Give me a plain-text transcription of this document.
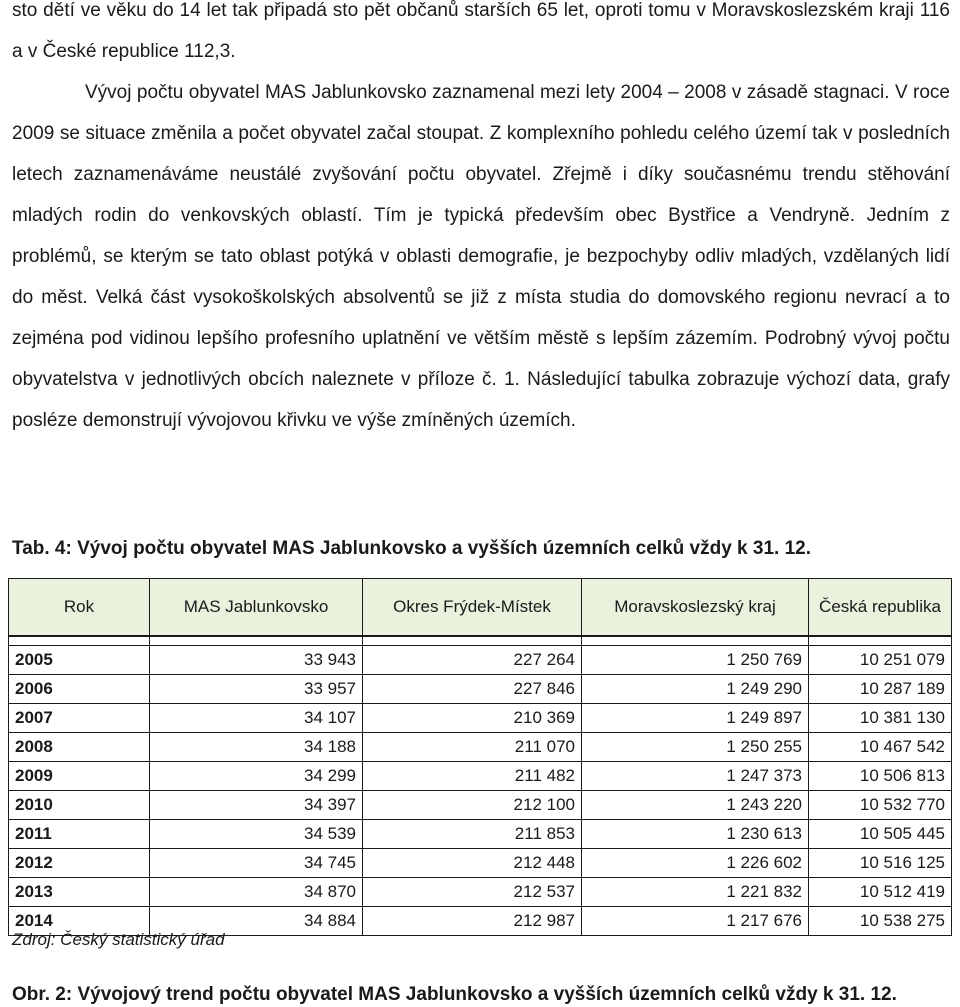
sto dětí ve věku do 14 let tak připadá sto pět občanů starších 65 let, oproti tomu v Moravskoslezském kraji 116 a v České republice 112,3.

Vývoj počtu obyvatel MAS Jablunkovsko zaznamenal mezi lety 2004 – 2008 v zásadě stagnaci. V roce 2009 se situace změnila a počet obyvatel začal stoupat. Z komplexního pohledu celého území tak v posledních letech zaznamenáváme neustálé zvyšování počtu obyvatel. Zřejmě i díky současnému trendu stěhování mladých rodin do venkovských oblastí. Tím je typická především obec Bystřice a Vendryně. Jedním z problémů, se kterým se tato oblast potýká v oblasti demografie, je bezpochyby odliv mladých, vzdělaných lidí do měst. Velká část vysokoškolských absolventů se již z místa studia do domovského regionu nevrací a to zejména pod vidinou lepšího profesního uplatnění ve větším městě s lepším zázemím. Podrobný vývoj počtu obyvatelstva v jednotlivých obcích naleznete v příloze č. 1. Následující tabulka zobrazuje výchozí data, grafy posléze demonstrují vývojovou křivku ve výše zmíněných územích.

Tab. 4: Vývoj počtu obyvatel MAS Jablunkovsko a vyšších územních celků vždy k 31. 12.

Rok	MAS Jablunkovsko	Okres Frýdek-Místek	Moravskoslezský kraj	Česká republika

2005	33 943	227 264	1 250 769	10 251 079
2006	33 957	227 846	1 249 290	10 287 189
2007	34 107	210 369	1 249 897	10 381 130
2008	34 188	211 070	1 250 255	10 467 542
2009	34 299	211 482	1 247 373	10 506 813
2010	34 397	212 100	1 243 220	10 532 770
2011	34 539	211 853	1 230 613	10 505 445
2012	34 745	212 448	1 226 602	10 516 125
2013	34 870	212 537	1 221 832	10 512 419
2014	34 884	212 987	1 217 676	10 538 275

Zdroj: Český statistický úřad

Obr. 2: Vývojový trend počtu obyvatel MAS Jablunkovsko a vyšších územních celků vždy k 31. 12.
